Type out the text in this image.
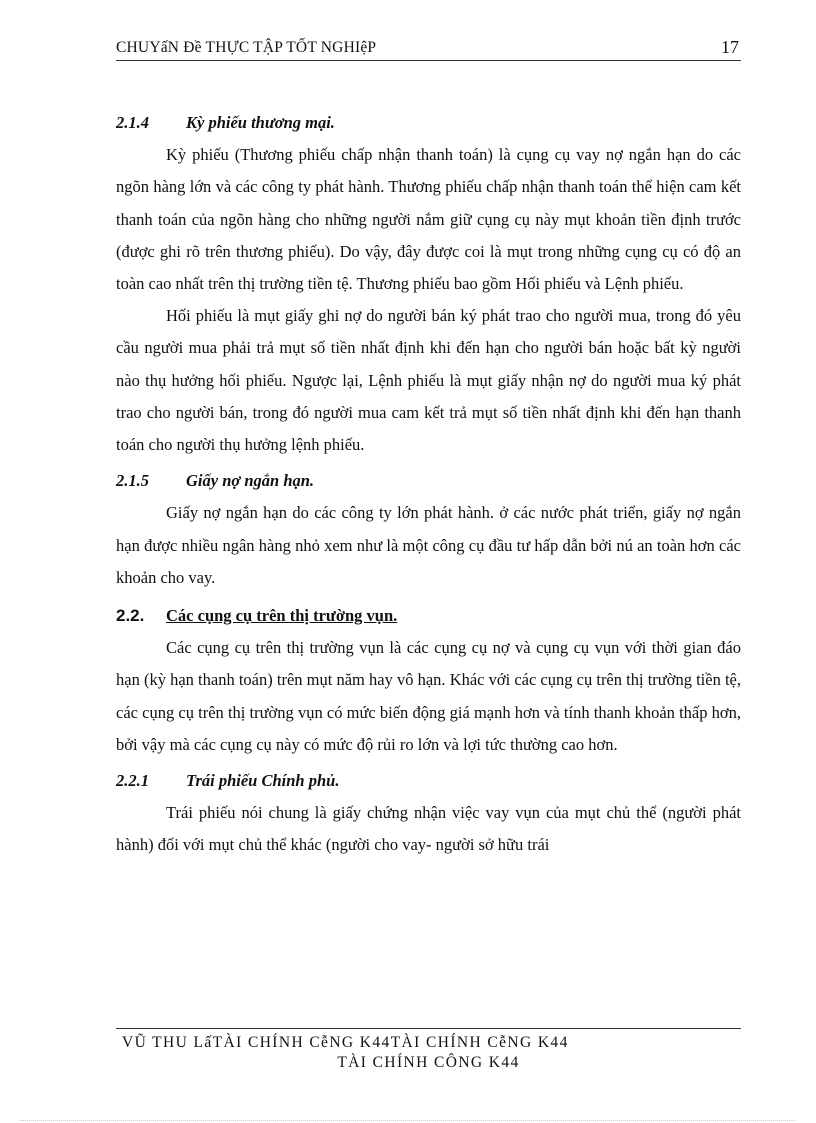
CHUYấN Đề THỰC TẬP TỐT NGHIệP	17
2.1.4 Kỳ phiếu thương mại.

Kỳ phiếu (Thương phiếu chấp nhận thanh toán) là cụng cụ vay nợ ngắn hạn do các ngõn hàng lớn và các công ty phát hành. Thương phiếu chấp nhận thanh toán thể hiện cam kết thanh toán của ngõn hàng cho những người nắm giữ cụng cụ này mụt khoản tiền định trước (được ghi rõ trên thương phiếu). Do vậy, đây được coi là mụt trong những cụng cụ có độ an toàn cao nhất trên thị trường tiền tệ. Thương phiếu bao gồm Hối phiếu và Lệnh phiếu.

Hối phiếu là mụt giấy ghi nợ do người bán ký phát trao cho người mua, trong đó yêu cầu người mua phải trả mụt số tiền nhất định khi đến hạn cho người bán hoặc bất kỳ người nào thụ hưởng hối phiếu. Ngược lại, Lệnh phiếu là mụt giấy nhận nợ do người mua ký phát trao cho người bán, trong đó người mua cam kết trả mụt số tiền nhất định khi đến hạn thanh toán cho người thụ hưởng lệnh phiếu.

2.1.5 Giấy nợ ngắn hạn.

Giấy nợ ngắn hạn do các công ty lớn phát hành. ở các nước phát triển, giấy nợ ngắn hạn được nhiều ngân hàng nhỏ xem như là một công cụ đầu tư hấp dẫn bởi nú an toàn hơn các khoản cho vay.

2.2. Các cụng cụ trên thị trường vụn.

Các cụng cụ trên thị trường vụn là các cụng cụ nợ và cụng cụ vụn với thời gian đáo hạn (kỳ hạn thanh toán) trên mụt năm hay vô hạn. Khác với các cụng cụ trên thị trường tiền tệ, các cụng cụ trên thị trường vụn có mức biến động giá mạnh hơn và tính thanh khoản thấp hơn, bởi vậy mà các cụng cụ này có mức độ rủi ro lớn và lợi tức thường cao hơn.

2.2.1 Trái phiếu Chính phủ.

Trái phiếu nói chung là giấy chứng nhận việc vay vụn của mụt chủ thể (người phát hành) đối với mụt chủ thể khác (người cho vay- người sở hữu trái

VŨ THU LấTÀI CHÍNH CễNG K44TÀI CHÍNH CễNG K44
TÀI CHÍNH CÔNG K44
